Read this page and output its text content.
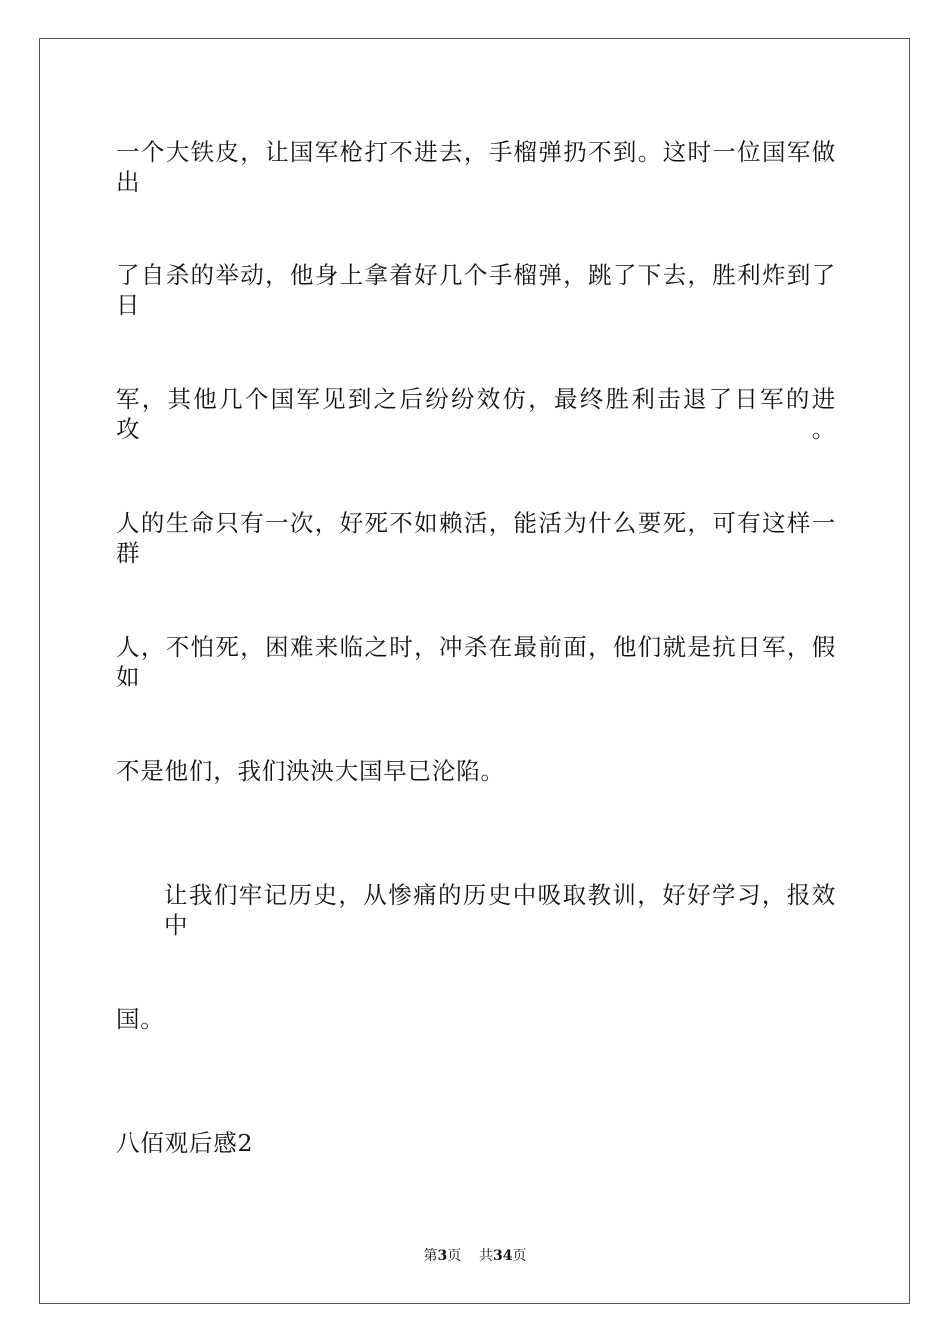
一个大铁皮，让国军枪打不进去，手榴弹扔不到。这时一位国军做出
了自杀的举动，他身上拿着好几个手榴弹，跳了下去，胜利炸到了日
军，其他几个国军见到之后纷纷效仿，最终胜利击退了日军的进攻。
人的生命只有一次，好死不如赖活，能活为什么要死，可有这样一群
人，不怕死，困难来临之时，冲杀在最前面，他们就是抗日军，假如
不是他们，我们泱泱大国早已沦陷。
让我们牢记历史，从惨痛的历史中吸取教训，好好学习，报效中
国。
八佰观后感2
第3页 共34页
